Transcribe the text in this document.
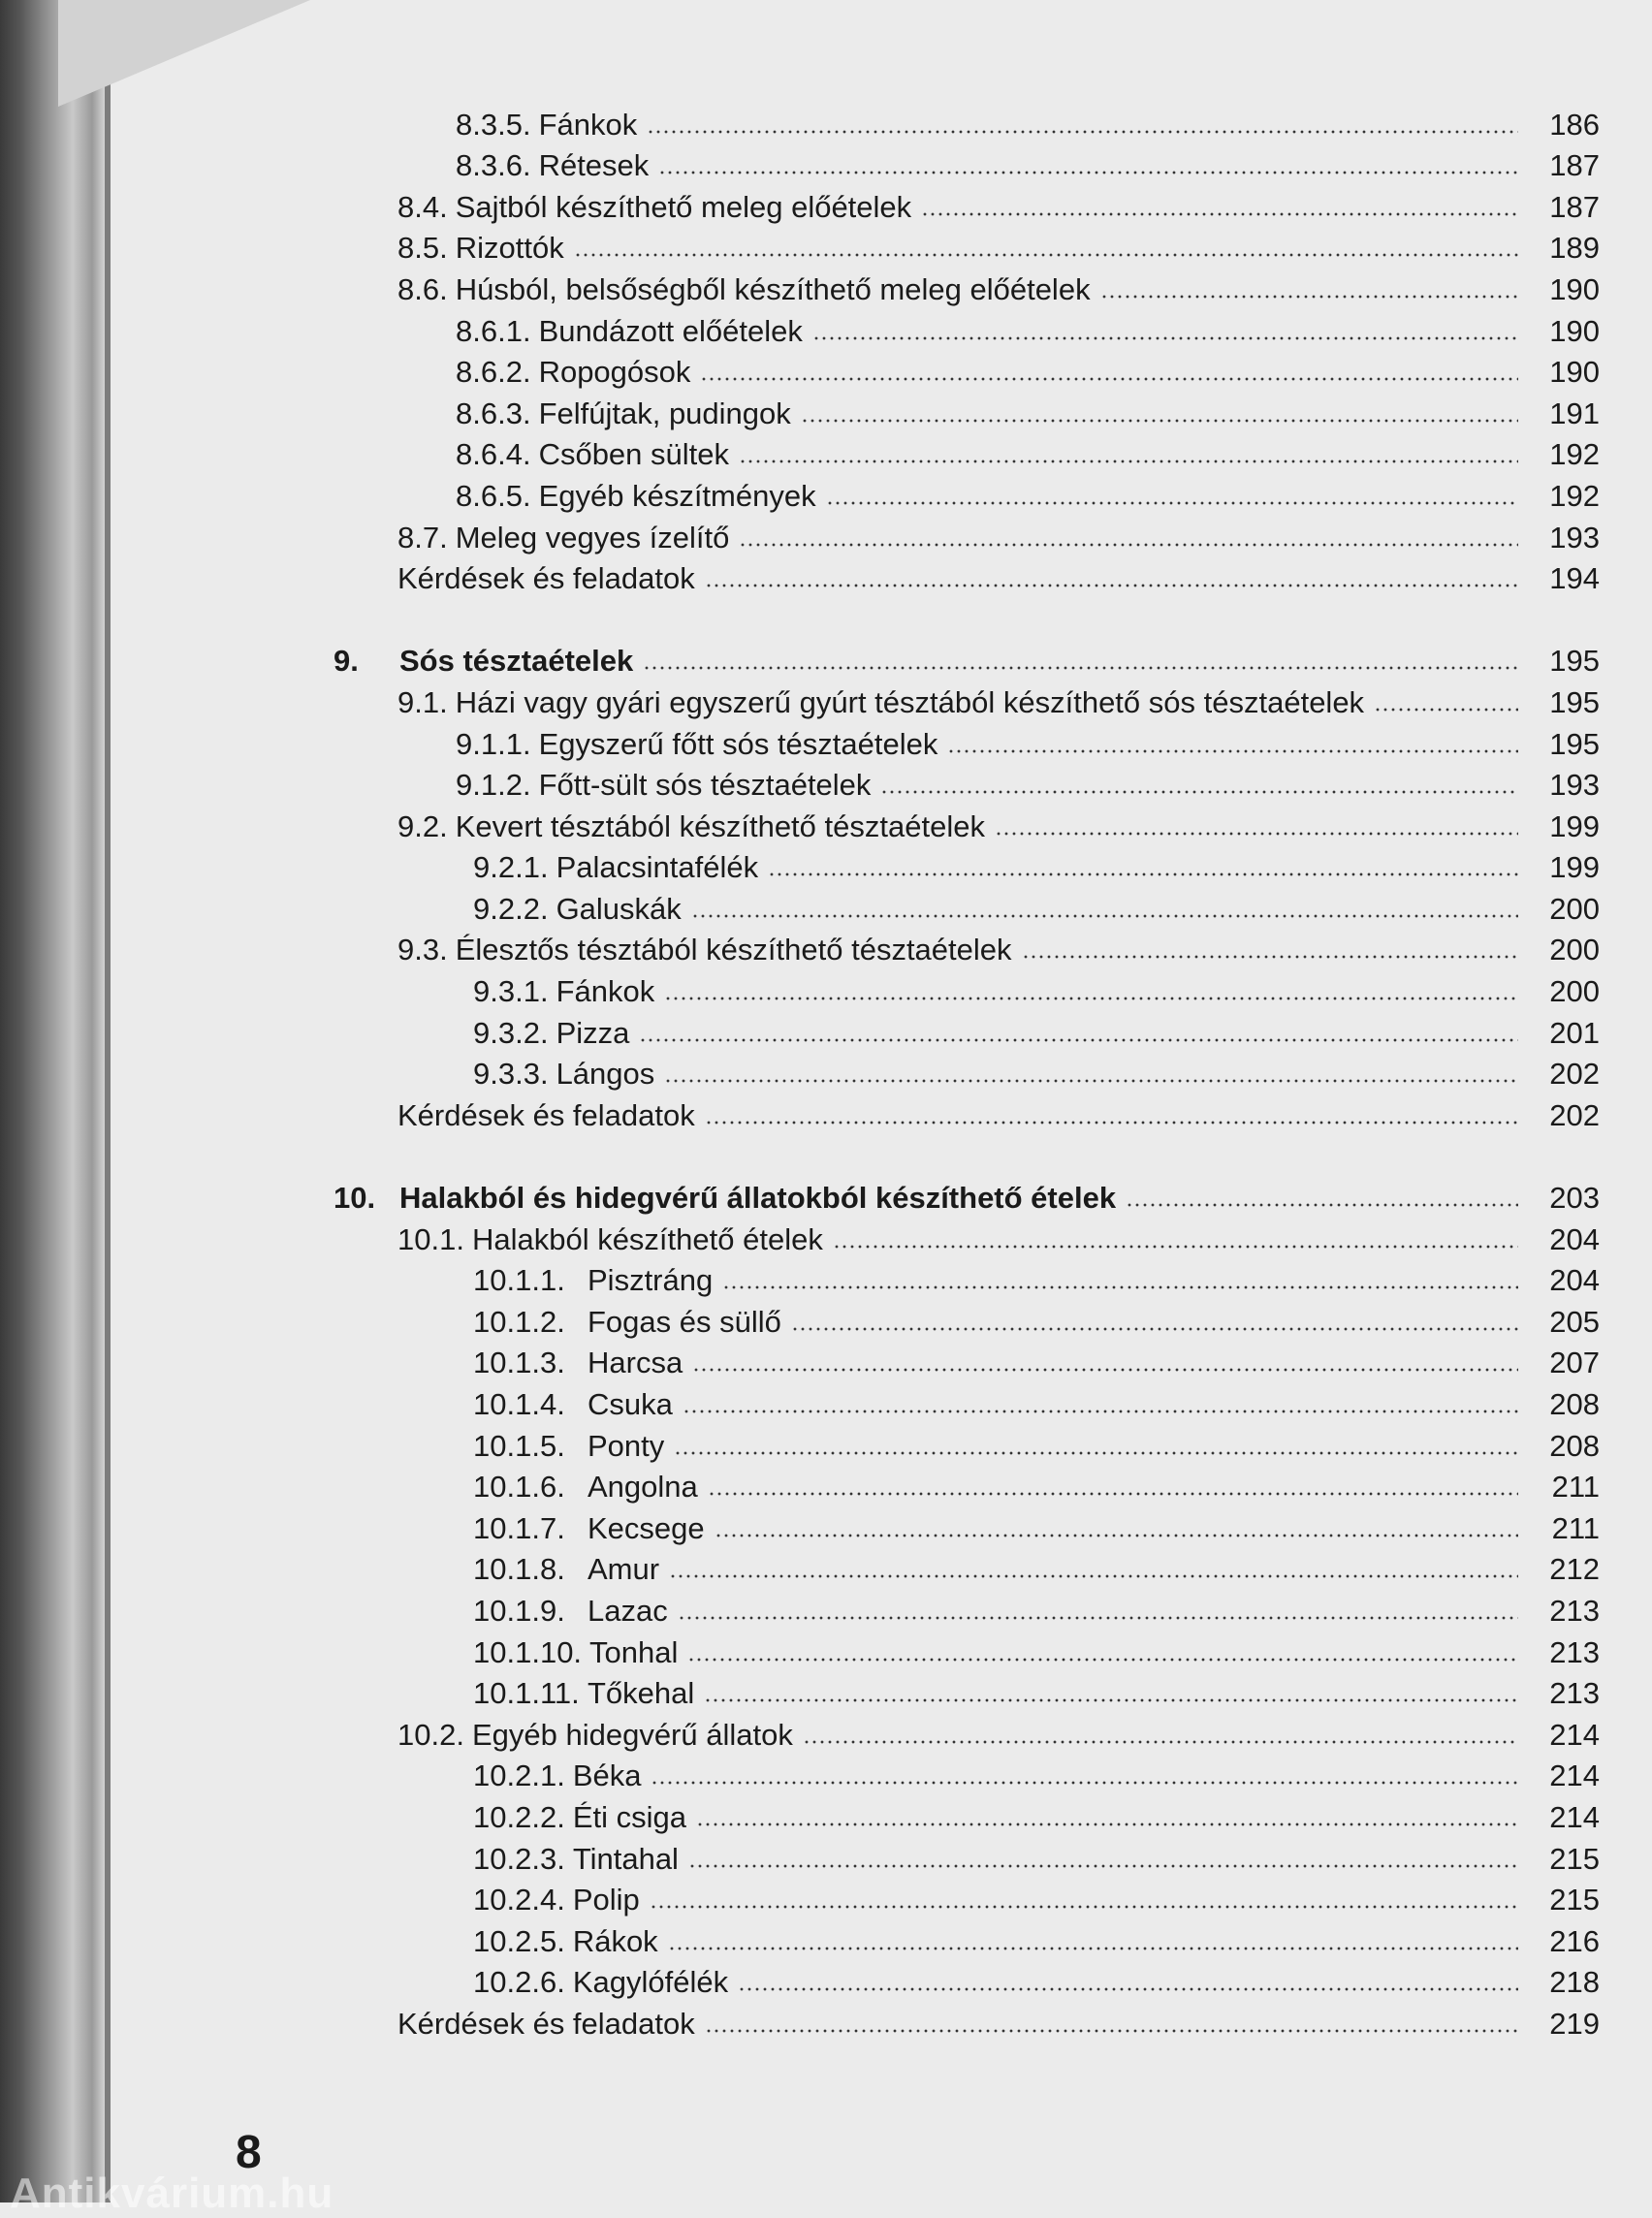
8.3.5. Fánkok	186
8.3.6. Rétesek	187
8.4. Sajtból készíthető meleg előételek	187
8.5. Rizottók	189
8.6. Húsból, belsőségből készíthető meleg előételek	190
8.6.1. Bundázott előételek	190
8.6.2. Ropogósok	190
8.6.3. Felfújtak, pudingok	191
8.6.4. Csőben sültek	192
8.6.5. Egyéb készítmények	192
8.7. Meleg vegyes ízelítő	193
Kérdések és feladatok	194
9.	Sós tésztaételek	195
9.1. Házi vagy gyári egyszerű gyúrt tésztából készíthető sós tésztaételek	195
9.1.1. Egyszerű főtt sós tésztaételek	195
9.1.2. Főtt-sült sós tésztaételek	193
9.2. Kevert tésztából készíthető tésztaételek	199
9.2.1. Palacsintafélék	199
9.2.2. Galuskák	200
9.3. Élesztős tésztából készíthető tésztaételek	200
9.3.1. Fánkok	200
9.3.2. Pizza	201
9.3.3. Lángos	202
Kérdések és feladatok	202
10. Halakból és hidegvérű állatokból készíthető ételek	203
10.1. Halakból készíthető ételek	204
10.1.1. Pisztráng	204
10.1.2. Fogas és süllő	205
10.1.3. Harcsa	207
10.1.4. Csuka	208
10.1.5. Ponty	208
10.1.6. Angolna	211
10.1.7. Kecsege	211
10.1.8. Amur	212
10.1.9. Lazac	213
10.1.10. Tonhal	213
10.1.11. Tőkehal	213
10.2. Egyéb hidegvérű állatok	214
10.2.1. Béka	214
10.2.2. Éti csiga	214
10.2.3. Tintahal	215
10.2.4. Polip	215
10.2.5. Rákok	216
10.2.6. Kagylófélék	218
Kérdések és feladatok	219
8
Antikvárium.hu
